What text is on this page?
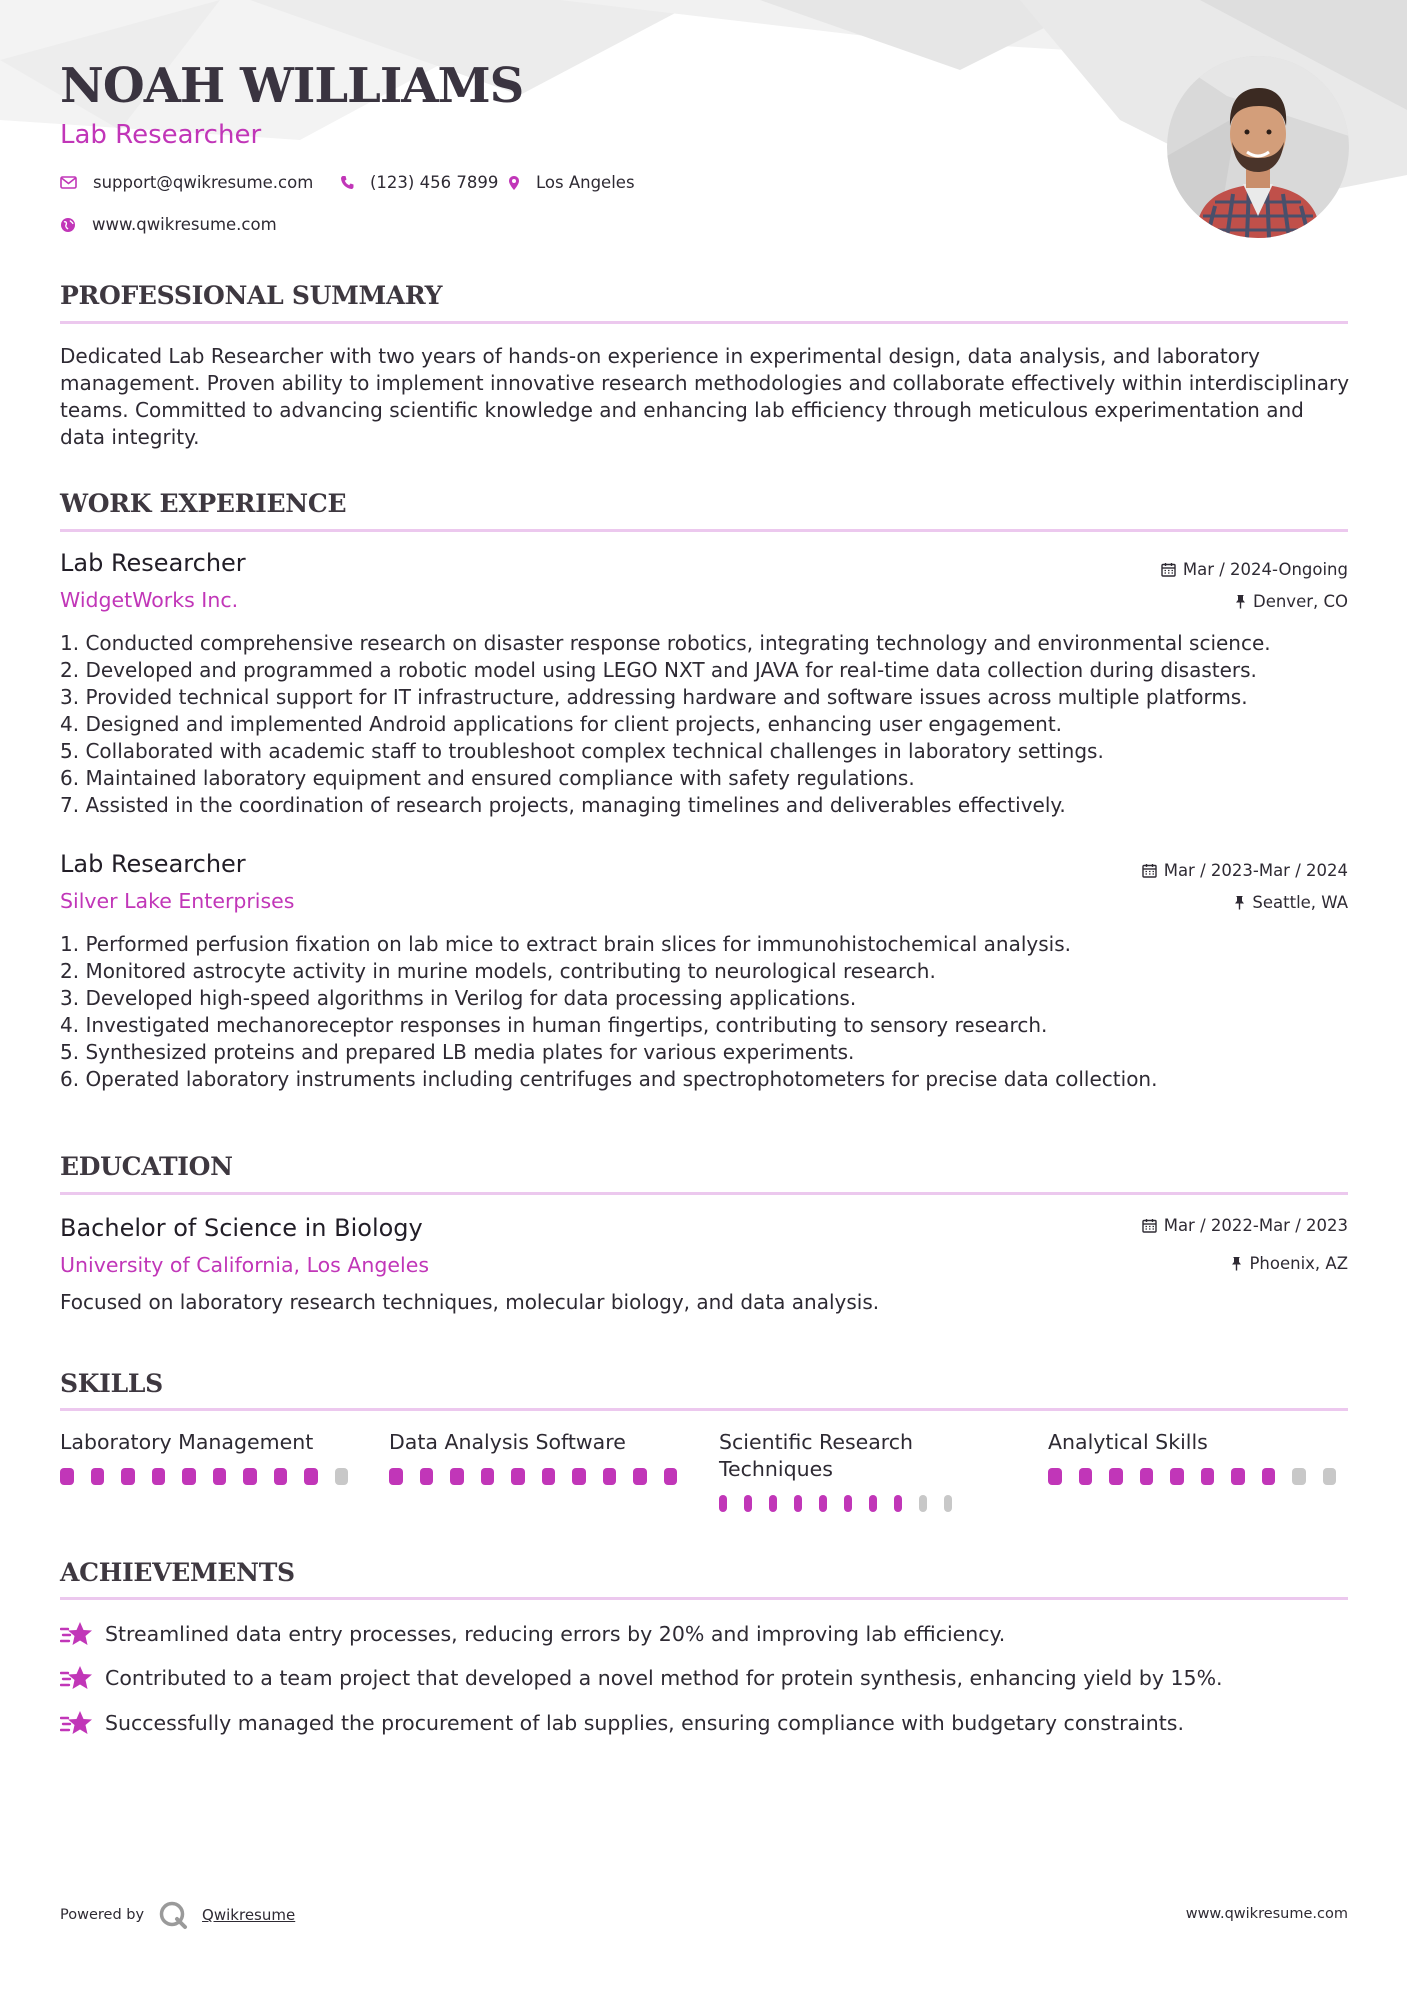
NOAH WILLIAMS
Lab Researcher
support@qwikresume.com	(123) 456 7899 Los Angeles
www.qwikresume.com
PROFESSIONAL SUMMARY

Dedicated Lab Researcher with two years of hands-on experience in experimental design, data analysis, and laboratory management. Proven ability to implement innovative research methodologies and collaborate effectively within interdisciplinary teams. Committed to advancing scientific knowledge and enhancing lab efficiency through meticulous experimentation and data integrity.

WORK EXPERIENCE
Lab Researcher	Mar / 2024-Ongoing
WidgetWorks Inc.	Denver, CO
1. Conducted comprehensive research on disaster response robotics, integrating technology and environmental science.
2. Developed and programmed a robotic model using LEGO NXT and JAVA for real-time data collection during disasters.
3. Provided technical support for IT infrastructure, addressing hardware and software issues across multiple platforms.
4. Designed and implemented Android applications for client projects, enhancing user engagement.
5. Collaborated with academic staff to troubleshoot complex technical challenges in laboratory settings.
6. Maintained laboratory equipment and ensured compliance with safety regulations.
7. Assisted in the coordination of research projects, managing timelines and deliverables effectively.
Lab Researcher	Mar / 2023-Mar / 2024
Silver Lake Enterprises	Seattle, WA
1. Performed perfusion fixation on lab mice to extract brain slices for immunohistochemical analysis.
2. Monitored astrocyte activity in murine models, contributing to neurological research.
3. Developed high-speed algorithms in Verilog for data processing applications.
4. Investigated mechanoreceptor responses in human fingertips, contributing to sensory research.
5. Synthesized proteins and prepared LB media plates for various experiments.
6. Operated laboratory instruments including centrifuges and spectrophotometers for precise data collection.
EDUCATION
Bachelor of Science in Biology	Mar / 2022-Mar / 2023
University of California, Los Angeles	Phoenix, AZ

Focused on laboratory research techniques, molecular biology, and data analysis.

SKILLS
Laboratory Management	Data Analysis Software	Scientific Research Techniques
Analytical Skills
ACHIEVEMENTS
Streamlined data entry processes, reducing errors by 20% and improving lab efficiency.
Contributed to a team project that developed a novel method for protein synthesis, enhancing yield by 15%.
Successfully managed the procurement of lab supplies, ensuring compliance with budgetary constraints.
Powered by	Qwikresume	www.qwikresume.com
